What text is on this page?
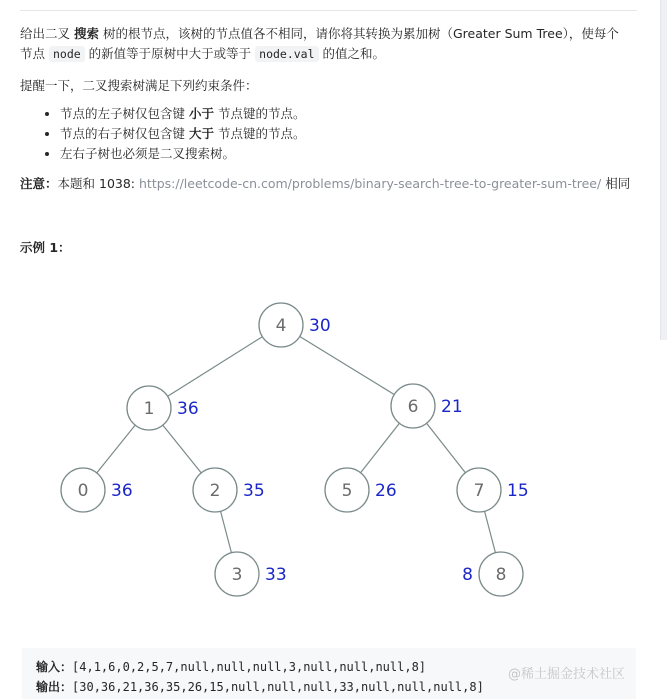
给出二叉 搜索 树的根节点，该树的节点值各不相同，请你将其转换为累加树（Greater Sum Tree），使每个
节点 node 的新值等于原树中大于或等于 node.val 的值之和。
提醒一下，二叉搜索树满足下列约束条件：
• 节点的左子树仅包含键 小于 节点键的节点。
• 节点的右子树仅包含键 大于 节点键的节点。
• 左右子树也必须是二叉搜索树。
注意：本题和 1038: https://leetcode-cn.com/problems/binary-search-tree-to-greater-sum-tree/ 相同
示例 1：
4 30
1 36	6 21
0 36	2 35	5 26	7 15
3 33	8
8
输入：[4,1,6,0,2,5,7,null,null,null,3,null,null,null,8]
输出：[30,36,21,36,35,26,15,null,null,null,33,null,null,null,8]
@稀土掘金技术社区
